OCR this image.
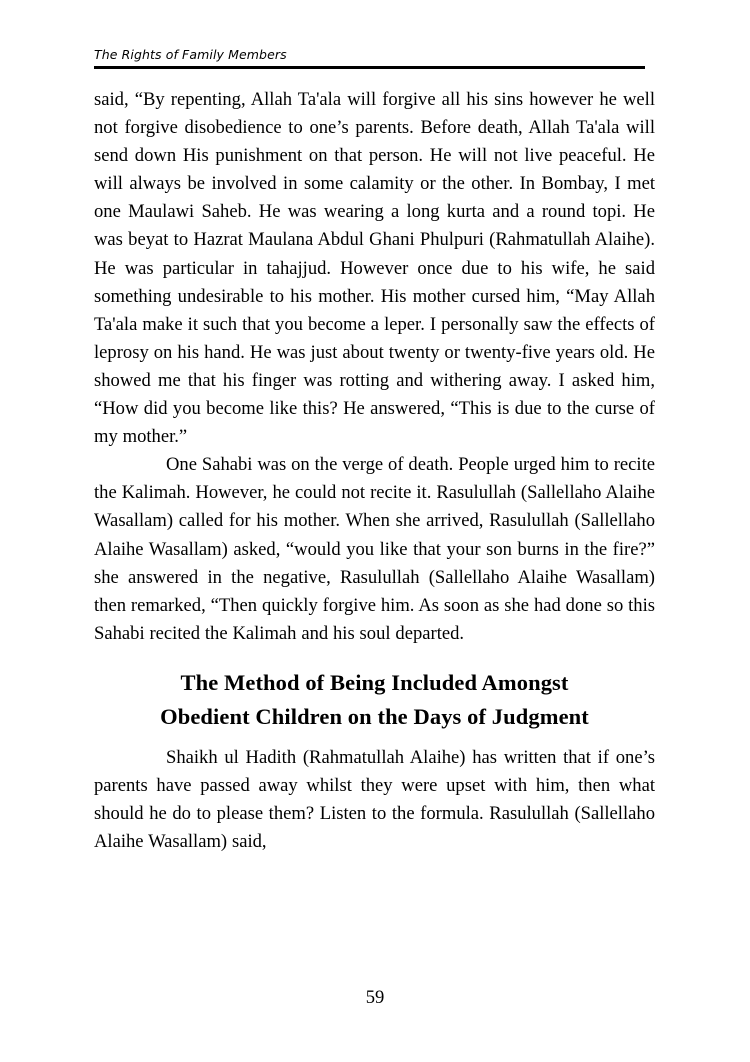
The Rights of Family Members

said, “By repenting, Allah Ta'ala will forgive all his sins however he well not forgive disobedience to one’s parents. Before death, Allah Ta'ala will send down His punishment on that person. He will not live peaceful. He will always be involved in some calamity or the other. In Bombay, I met one Maulawi Saheb. He was wearing a long kurta and a round topi. He was beyat to Hazrat Maulana Abdul Ghani Phulpuri (Rahmatullah Alaihe). He was particular in tahajjud. However once due to his wife, he said something undesirable to his mother. His mother cursed him, “May Allah Ta'ala make it such that you become a leper. I personally saw the effects of leprosy on his hand. He was just about twenty or twenty-five years old. He showed me that his finger was rotting and withering away. I asked him, “How did you become like this? He answered, “This is due to the curse of my mother.”

One Sahabi was on the verge of death. People urged him to recite the Kalimah. However, he could not recite it. Rasulullah (Sallellaho Alaihe Wasallam) called for his mother. When she arrived, Rasulullah (Sallellaho Alaihe Wasallam) asked, “would you like that your son burns in the fire?” she answered in the negative, Rasulullah (Sallellaho Alaihe Wasallam) then remarked, “Then quickly forgive him. As soon as she had done so this Sahabi recited the Kalimah and his soul departed.

The Method of Being Included Amongst
Obedient Children on the Days of Judgment

Shaikh ul Hadith (Rahmatullah Alaihe) has written that if one’s parents have passed away whilst they were upset with him, then what should he do to please them? Listen to the formula. Rasulullah (Sallellaho Alaihe Wasallam) said,

59
